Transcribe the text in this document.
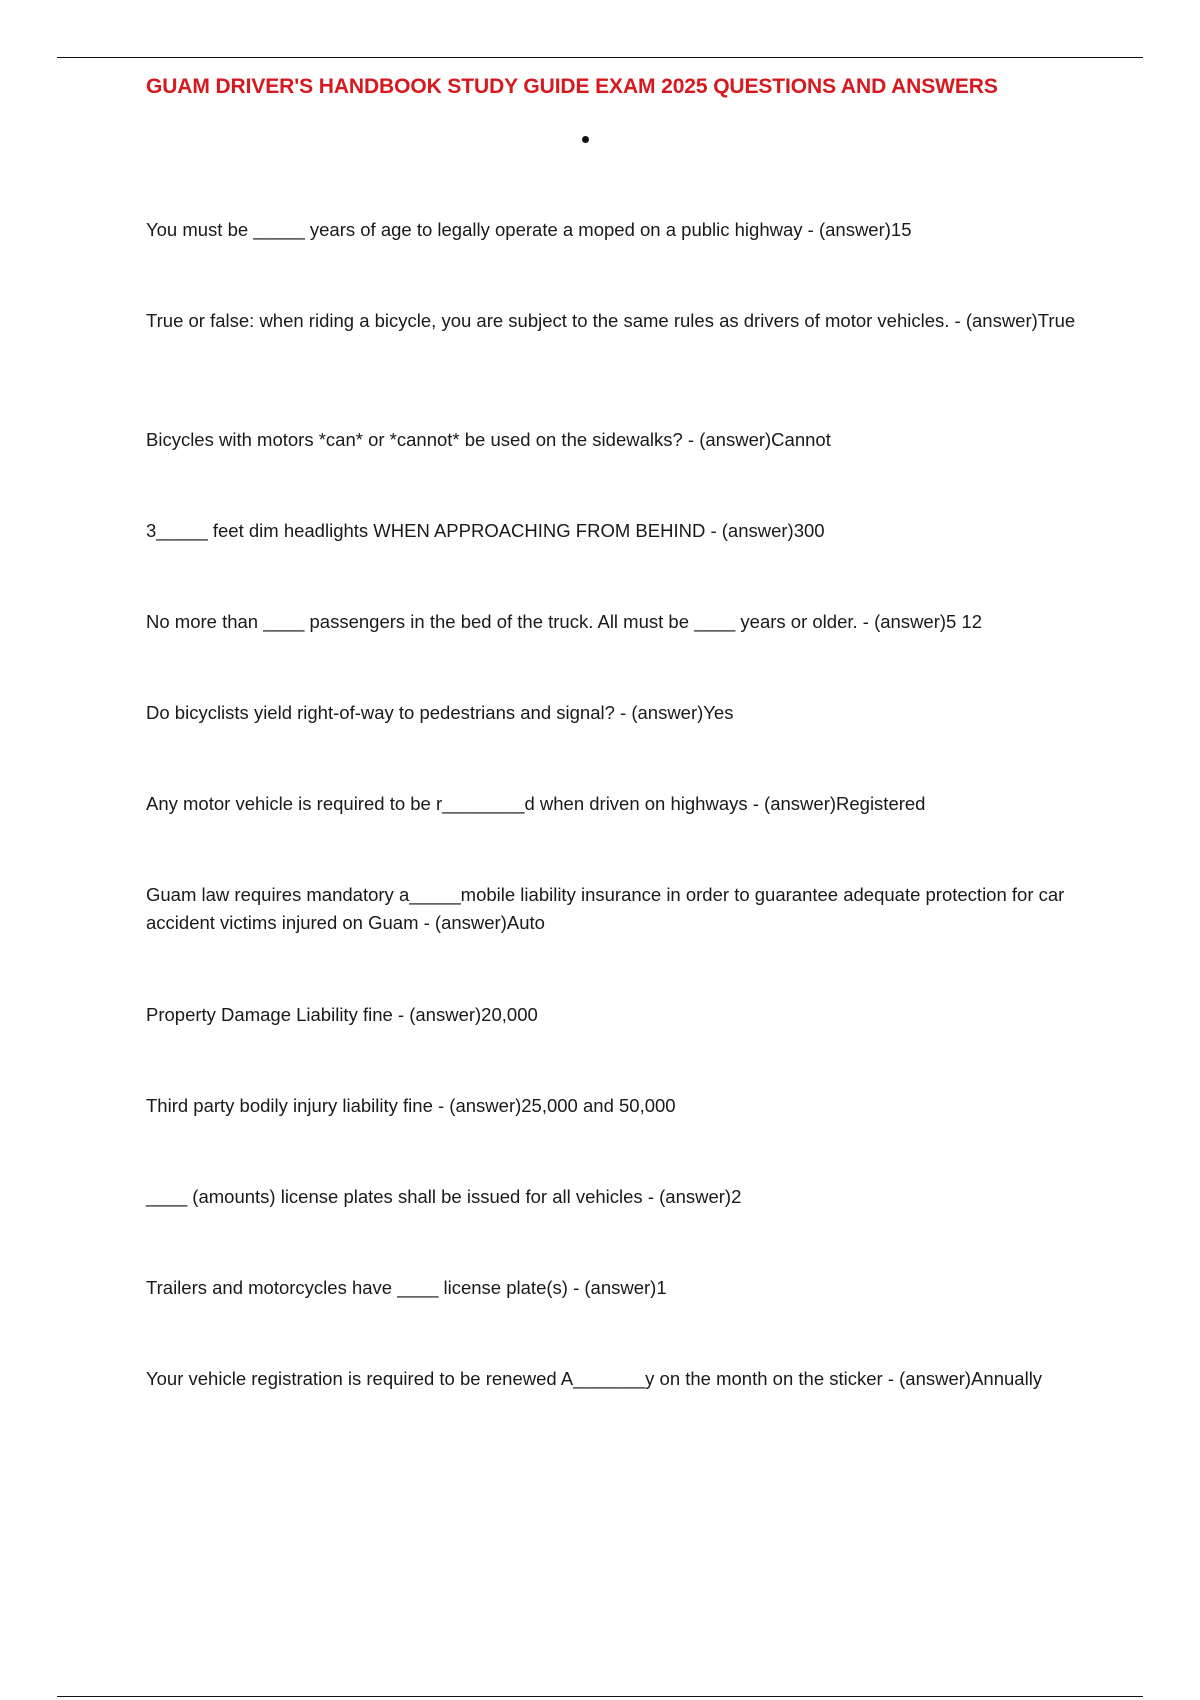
GUAM DRIVER'S HANDBOOK STUDY GUIDE EXAM 2025 QUESTIONS AND ANSWERS

You must be _____ years of age to legally operate a moped on a public highway - (answer)15

True or false: when riding a bicycle, you are subject to the same rules as drivers of motor vehicles. - (answer)True

Bicycles with motors *can* or *cannot* be used on the sidewalks? - (answer)Cannot

3_____ feet dim headlights WHEN APPROACHING FROM BEHIND - (answer)300

No more than ____ passengers in the bed of the truck. All must be ____ years or older. - (answer)5 12

Do bicyclists yield right-of-way to pedestrians and signal? - (answer)Yes

Any motor vehicle is required to be r________d when driven on highways - (answer)Registered

Guam law requires mandatory a_____mobile liability insurance in order to guarantee adequate protection for car accident victims injured on Guam - (answer)Auto

Property Damage Liability fine - (answer)20,000

Third party bodily injury liability fine - (answer)25,000 and 50,000

____ (amounts) license plates shall be issued for all vehicles - (answer)2

Trailers and motorcycles have ____ license plate(s) - (answer)1

Your vehicle registration is required to be renewed A_______y on the month on the sticker - (answer)Annually
